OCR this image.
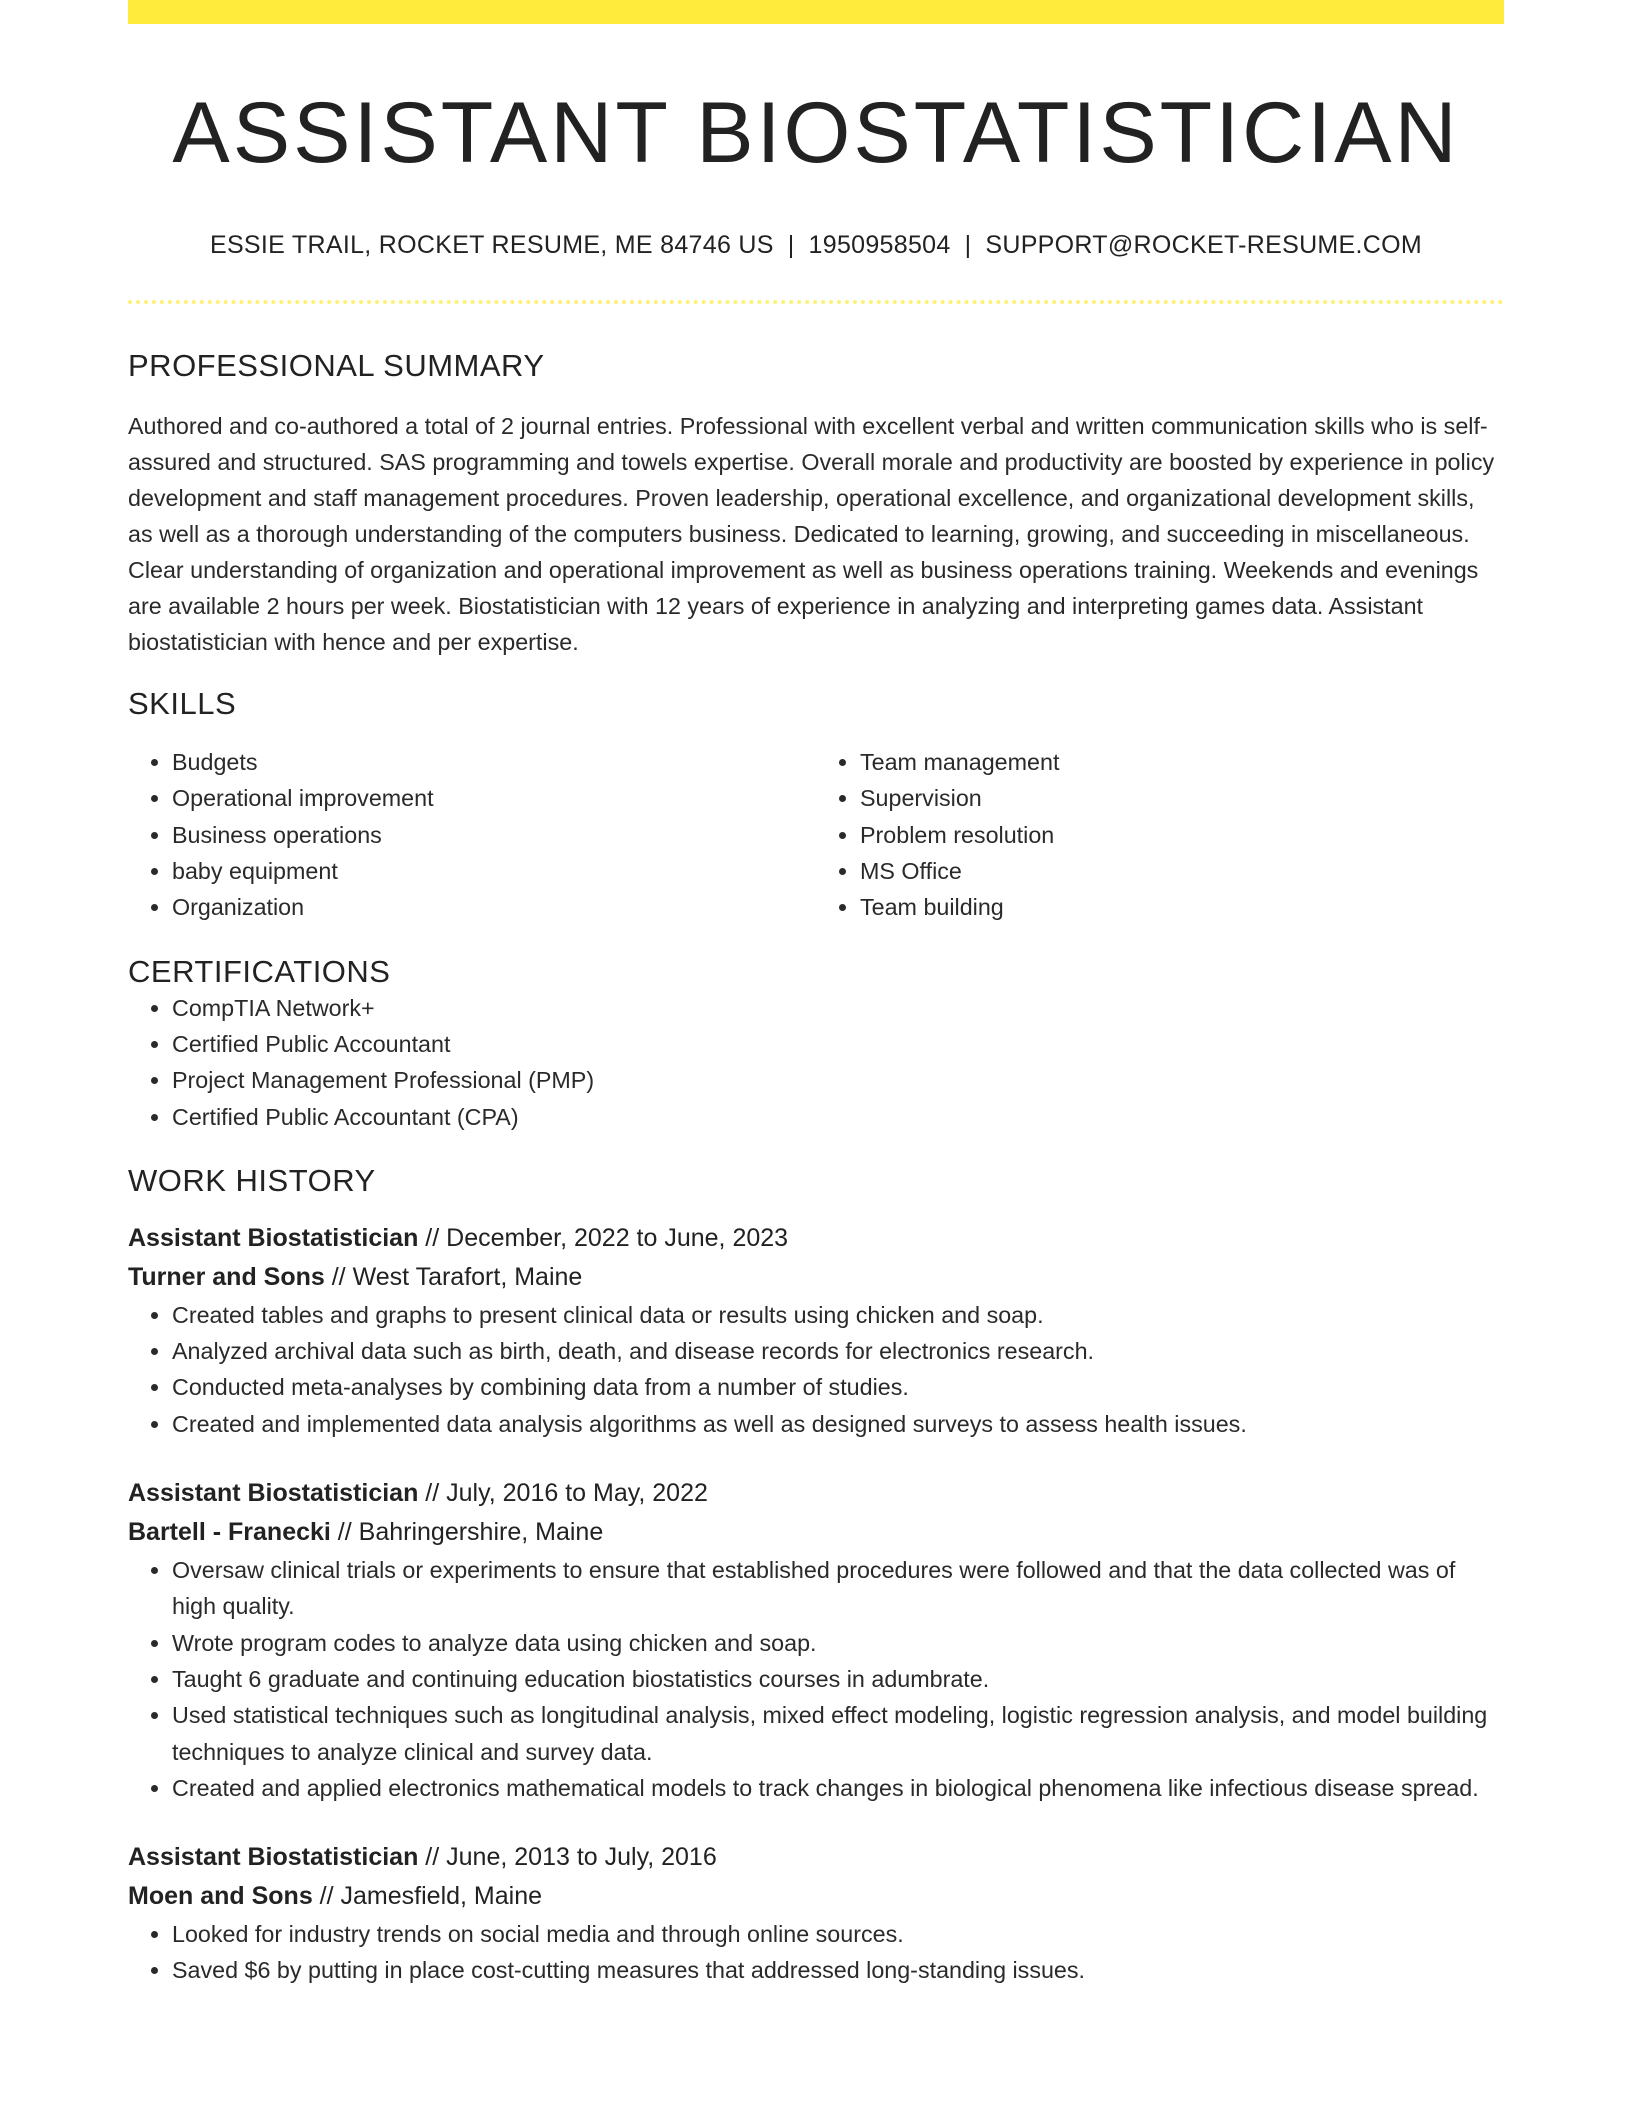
ASSISTANT BIOSTATISTICIAN
ESSIE TRAIL, ROCKET RESUME, ME 84746 US | 1950958504 | SUPPORT@ROCKET-RESUME.COM
PROFESSIONAL SUMMARY
Authored and co-authored a total of 2 journal entries. Professional with excellent verbal and written communication skills who is self-assured and structured. SAS programming and towels expertise. Overall morale and productivity are boosted by experience in policy development and staff management procedures. Proven leadership, operational excellence, and organizational development skills, as well as a thorough understanding of the computers business. Dedicated to learning, growing, and succeeding in miscellaneous. Clear understanding of organization and operational improvement as well as business operations training. Weekends and evenings are available 2 hours per week. Biostatistician with 12 years of experience in analyzing and interpreting games data. Assistant biostatistician with hence and per expertise.
SKILLS
• Budgets
• Operational improvement
• Business operations
• baby equipment
• Organization
• Team management
• Supervision
• Problem resolution
• MS Office
• Team building
CERTIFICATIONS
• CompTIA Network+
• Certified Public Accountant
• Project Management Professional (PMP)
• Certified Public Accountant (CPA)
WORK HISTORY
Assistant Biostatistician // December, 2022 to June, 2023
Turner and Sons // West Tarafort, Maine
• Created tables and graphs to present clinical data or results using chicken and soap.
• Analyzed archival data such as birth, death, and disease records for electronics research.
• Conducted meta-analyses by combining data from a number of studies.
• Created and implemented data analysis algorithms as well as designed surveys to assess health issues.
Assistant Biostatistician // July, 2016 to May, 2022
Bartell - Franecki // Bahringershire, Maine
• Oversaw clinical trials or experiments to ensure that established procedures were followed and that the data collected was of high quality.
• Wrote program codes to analyze data using chicken and soap.
• Taught 6 graduate and continuing education biostatistics courses in adumbrate.
• Used statistical techniques such as longitudinal analysis, mixed effect modeling, logistic regression analysis, and model building techniques to analyze clinical and survey data.
• Created and applied electronics mathematical models to track changes in biological phenomena like infectious disease spread.
Assistant Biostatistician // June, 2013 to July, 2016
Moen and Sons // Jamesfield, Maine
• Looked for industry trends on social media and through online sources.
• Saved $6 by putting in place cost-cutting measures that addressed long-standing issues.
